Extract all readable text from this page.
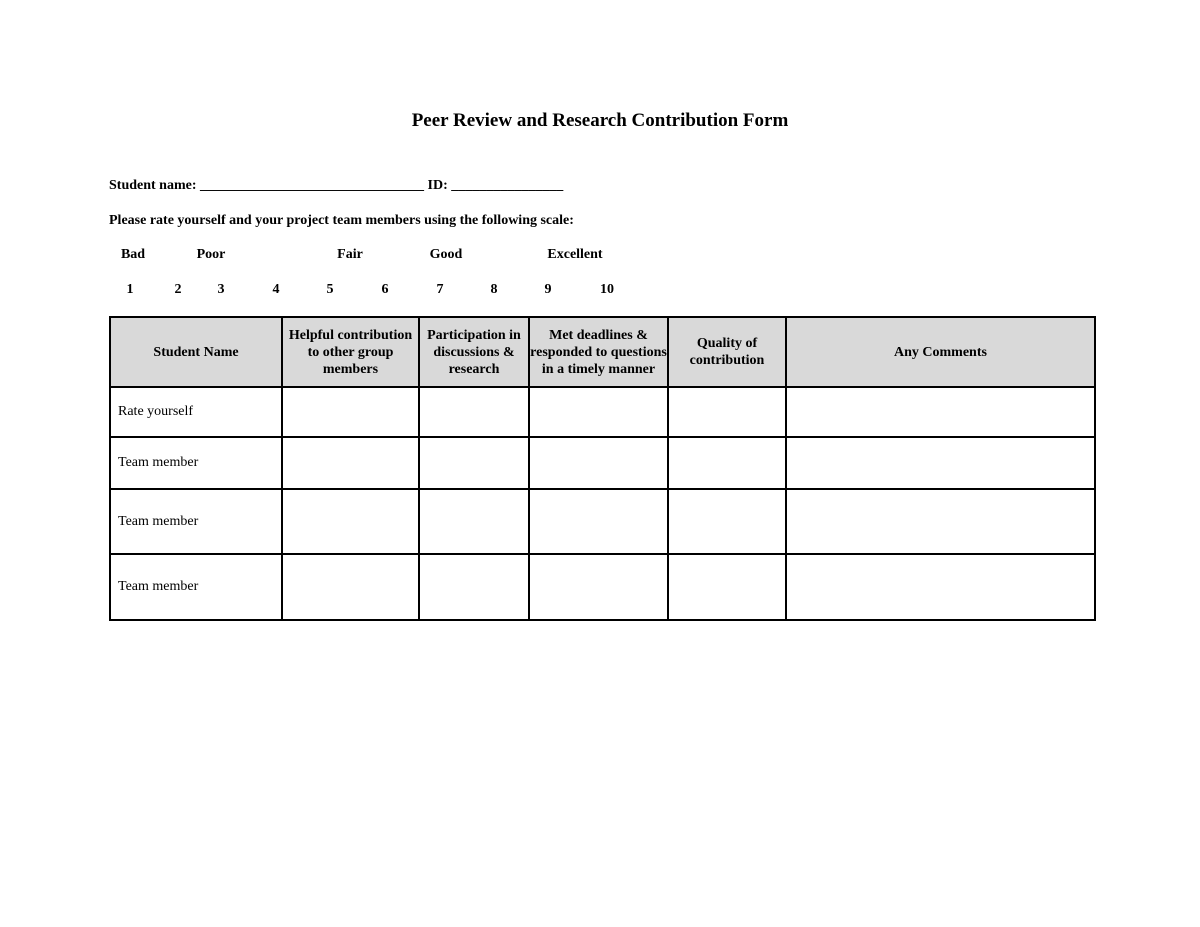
Peer Review and Research Contribution Form
Student name: ________________________________ ID: ________________
Please rate yourself and your project team members using the following scale:
Bad	Poor	Fair	Good	Excellent
1	2	3	4	5	6	7	8	9	10
Student Name	Helpful contribution to other group members	Participation in discussions & research	Met deadlines & responded to questions in a timely manner	Quality of contribution	Any Comments
Rate yourself					
Team member					
Team member					
Team member					
